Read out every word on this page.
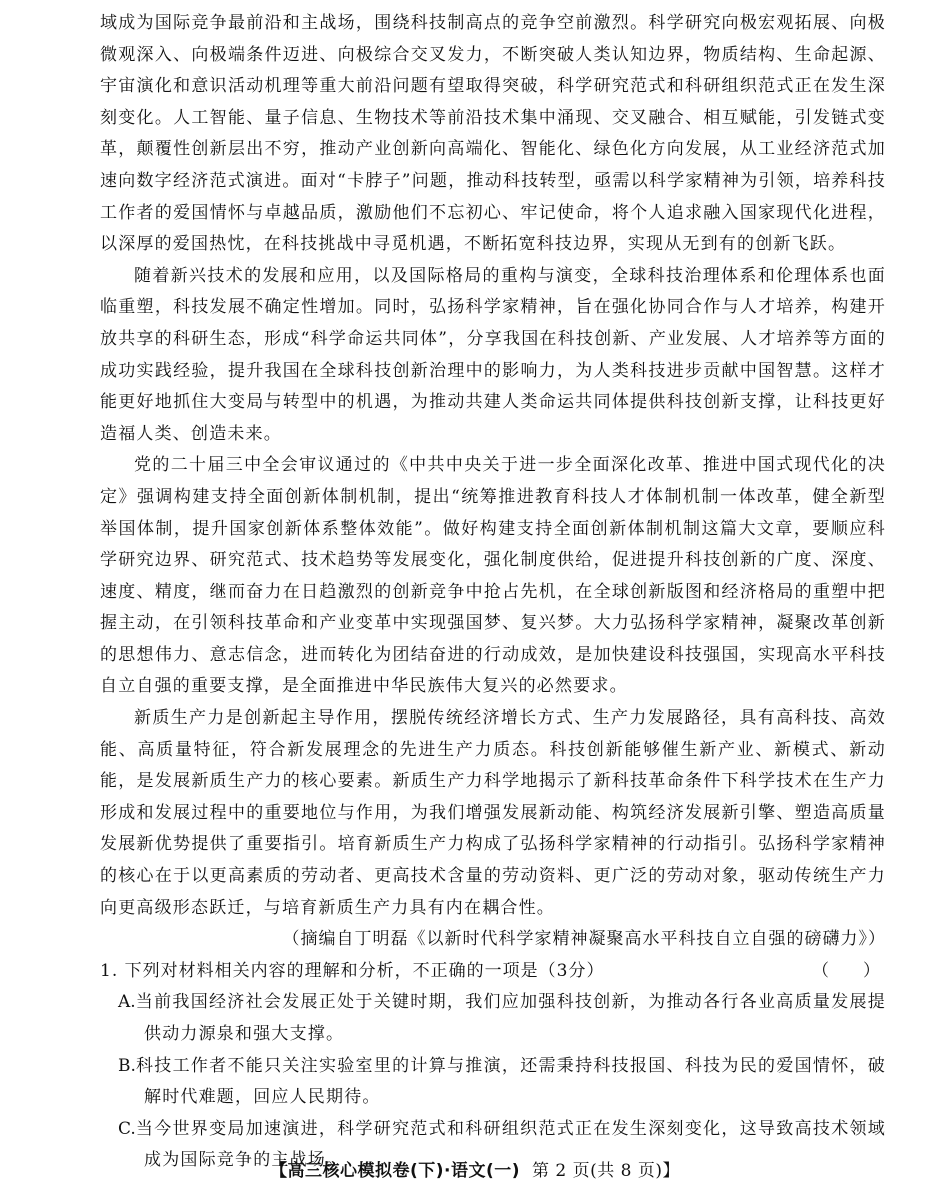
域成为国际竞争最前沿和主战场，围绕科技制高点的竞争空前激烈。科学研究向极宏观拓展、向极微观深入、向极端条件迈进、向极综合交叉发力，不断突破人类认知边界，物质结构、生命起源、宇宙演化和意识活动机理等重大前沿问题有望取得突破，科学研究范式和科研组织范式正在发生深刻变化。人工智能、量子信息、生物技术等前沿技术集中涌现、交叉融合、相互赋能，引发链式变革，颠覆性创新层出不穷，推动产业创新向高端化、智能化、绿色化方向发展，从工业经济范式加速向数字经济范式演进。面对“卡脖子”问题，推动科技转型，亟需以科学家精神为引领，培养科技工作者的爱国情怀与卓越品质，激励他们不忘初心、牢记使命，将个人追求融入国家现代化进程，以深厚的爱国热忱，在科技挑战中寻觅机遇，不断拓宽科技边界，实现从无到有的创新飞跃。

随着新兴技术的发展和应用，以及国际格局的重构与演变，全球科技治理体系和伦理体系也面临重塑，科技发展不确定性增加。同时，弘扬科学家精神，旨在强化协同合作与人才培养，构建开放共享的科研生态，形成“科学命运共同体”，分享我国在科技创新、产业发展、人才培养等方面的成功实践经验，提升我国在全球科技创新治理中的影响力，为人类科技进步贡献中国智慧。这样才能更好地抓住大变局与转型中的机遇，为推动共建人类命运共同体提供科技创新支撑，让科技更好造福人类、创造未来。

党的二十届三中全会审议通过的《中共中央关于进一步全面深化改革、推进中国式现代化的决定》强调构建支持全面创新体制机制，提出“统筹推进教育科技人才体制机制一体改革，健全新型举国体制，提升国家创新体系整体效能”。做好构建支持全面创新体制机制这篇大文章，要顺应科学研究边界、研究范式、技术趋势等发展变化，强化制度供给，促进提升科技创新的广度、深度、速度、精度，继而奋力在日趋激烈的创新竞争中抢占先机，在全球创新版图和经济格局的重塑中把握主动，在引领科技革命和产业变革中实现强国梦、复兴梦。大力弘扬科学家精神，凝聚改革创新的思想伟力、意志信念，进而转化为团结奋进的行动成效，是加快建设科技强国，实现高水平科技自立自强的重要支撑，是全面推进中华民族伟大复兴的必然要求。

新质生产力是创新起主导作用，摆脱传统经济增长方式、生产力发展路径，具有高科技、高效能、高质量特征，符合新发展理念的先进生产力质态。科技创新能够催生新产业、新模式、新动能，是发展新质生产力的核心要素。新质生产力科学地揭示了新科技革命条件下科学技术在生产力形成和发展过程中的重要地位与作用，为我们增强发展新动能、构筑经济发展新引擎、塑造高质量发展新优势提供了重要指引。培育新质生产力构成了弘扬科学家精神的行动指引。弘扬科学家精神的核心在于以更高素质的劳动者、更高技术含量的劳动资料、更广泛的劳动对象，驱动传统生产力向更高级形态跃迁，与培育新质生产力具有内在耦合性。

（摘编自丁明磊《以新时代科学家精神凝聚高水平科技自立自强的磅礴力》）

1. 下列对材料相关内容的理解和分析，不正确的一项是（3分）	（　　）

A.当前我国经济社会发展正处于关键时期，我们应加强科技创新，为推动各行各业高质量发展提供动力源泉和强大支撑。

B.科技工作者不能只关注实验室里的计算与推演，还需秉持科技报国、科技为民的爱国情怀，破解时代难题，回应人民期待。

C.当今世界变局加速演进，科学研究范式和科研组织范式正在发生深刻变化，这导致高技术领域成为国际竞争的主战场。

【高三核心模拟卷(下)·语文(一) 第 2 页(共 8 页)】
